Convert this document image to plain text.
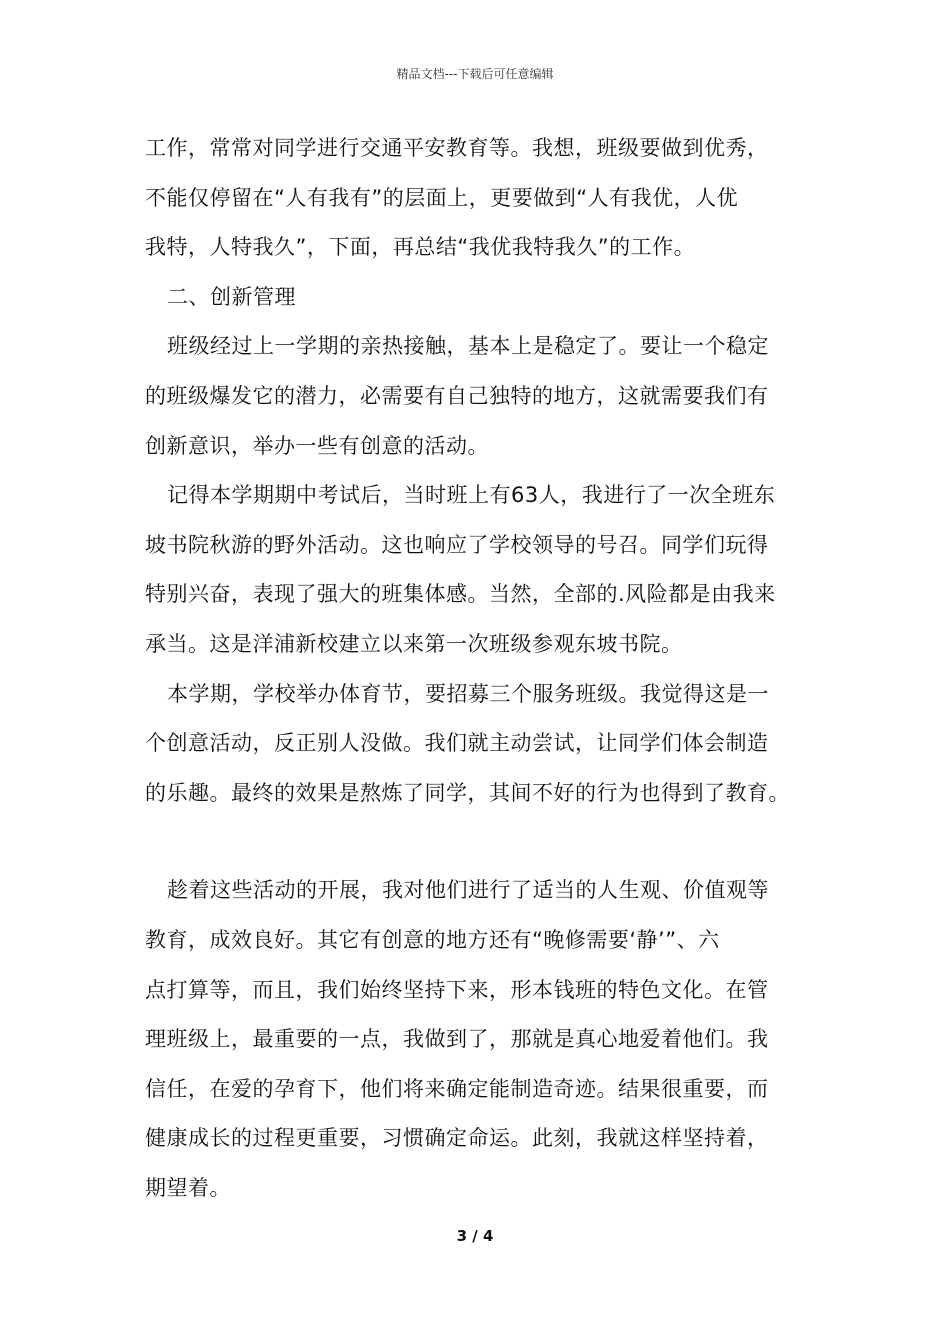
精品文档---下载后可任意编辑

工作，常常对同学进行交通平安教育等。我想，班级要做到优秀，

不能仅停留在“人有我有”的层面上，更要做到“人有我优，人优

我特，人特我久”，下面，再总结“我优我特我久”的工作。

二、创新管理

班级经过上一学期的亲热接触，基本上是稳定了。要让一个稳定

的班级爆发它的潜力，必需要有自己独特的地方，这就需要我们有

创新意识，举办一些有创意的活动。

记得本学期期中考试后，当时班上有63人，我进行了一次全班东

坡书院秋游的野外活动。这也响应了学校领导的号召。同学们玩得

特别兴奋，表现了强大的班集体感。当然，全部的.风险都是由我来

承当。这是洋浦新校建立以来第一次班级参观东坡书院。

本学期，学校举办体育节，要招募三个服务班级。我觉得这是一

个创意活动，反正别人没做。我们就主动尝试，让同学们体会制造

的乐趣。最终的效果是熬炼了同学，其间不好的行为也得到了教育。

趁着这些活动的开展，我对他们进行了适当的人生观、价值观等

教育，成效良好。其它有创意的地方还有“晚修需要‘静’”、六

点打算等，而且，我们始终坚持下来，形本钱班的特色文化。在管

理班级上，最重要的一点，我做到了，那就是真心地爱着他们。我

信任，在爱的孕育下，他们将来确定能制造奇迹。结果很重要，而

健康成长的过程更重要，习惯确定命运。此刻，我就这样坚持着，

期望着。

3 / 4
